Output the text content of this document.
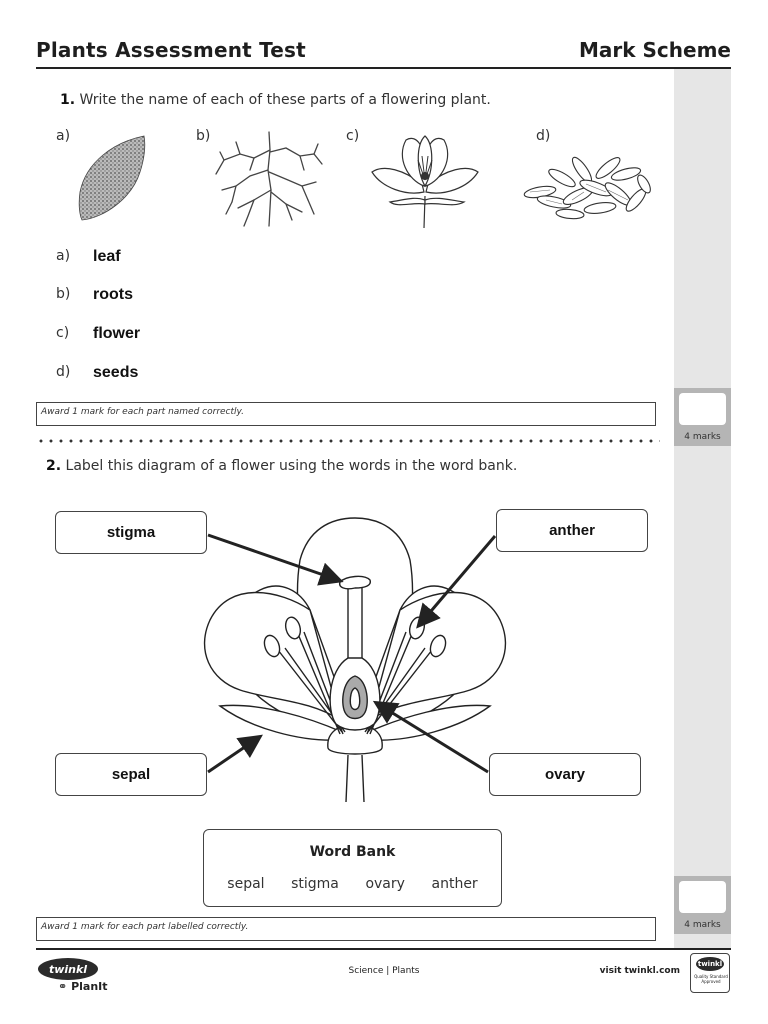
Plants Assessment Test	Mark Scheme
4 marks
4 marks
1. Write the name of each of these parts of a flowering plant.
a)	b)	c)	d)
a) leaf
b) roots
c) flower
d) seeds
Award 1 mark for each part named correctly.
2. Label this diagram of a flower using the words in the word bank.
stigma	anther
sepal	ovary
Word Bank
sepal stigma ovary anther
Award 1 mark for each part labelled correctly.
twinkl
⚭ PlanIt
Science | Plants	visit twinkl.com
twinkl
Quality Standard Approved
